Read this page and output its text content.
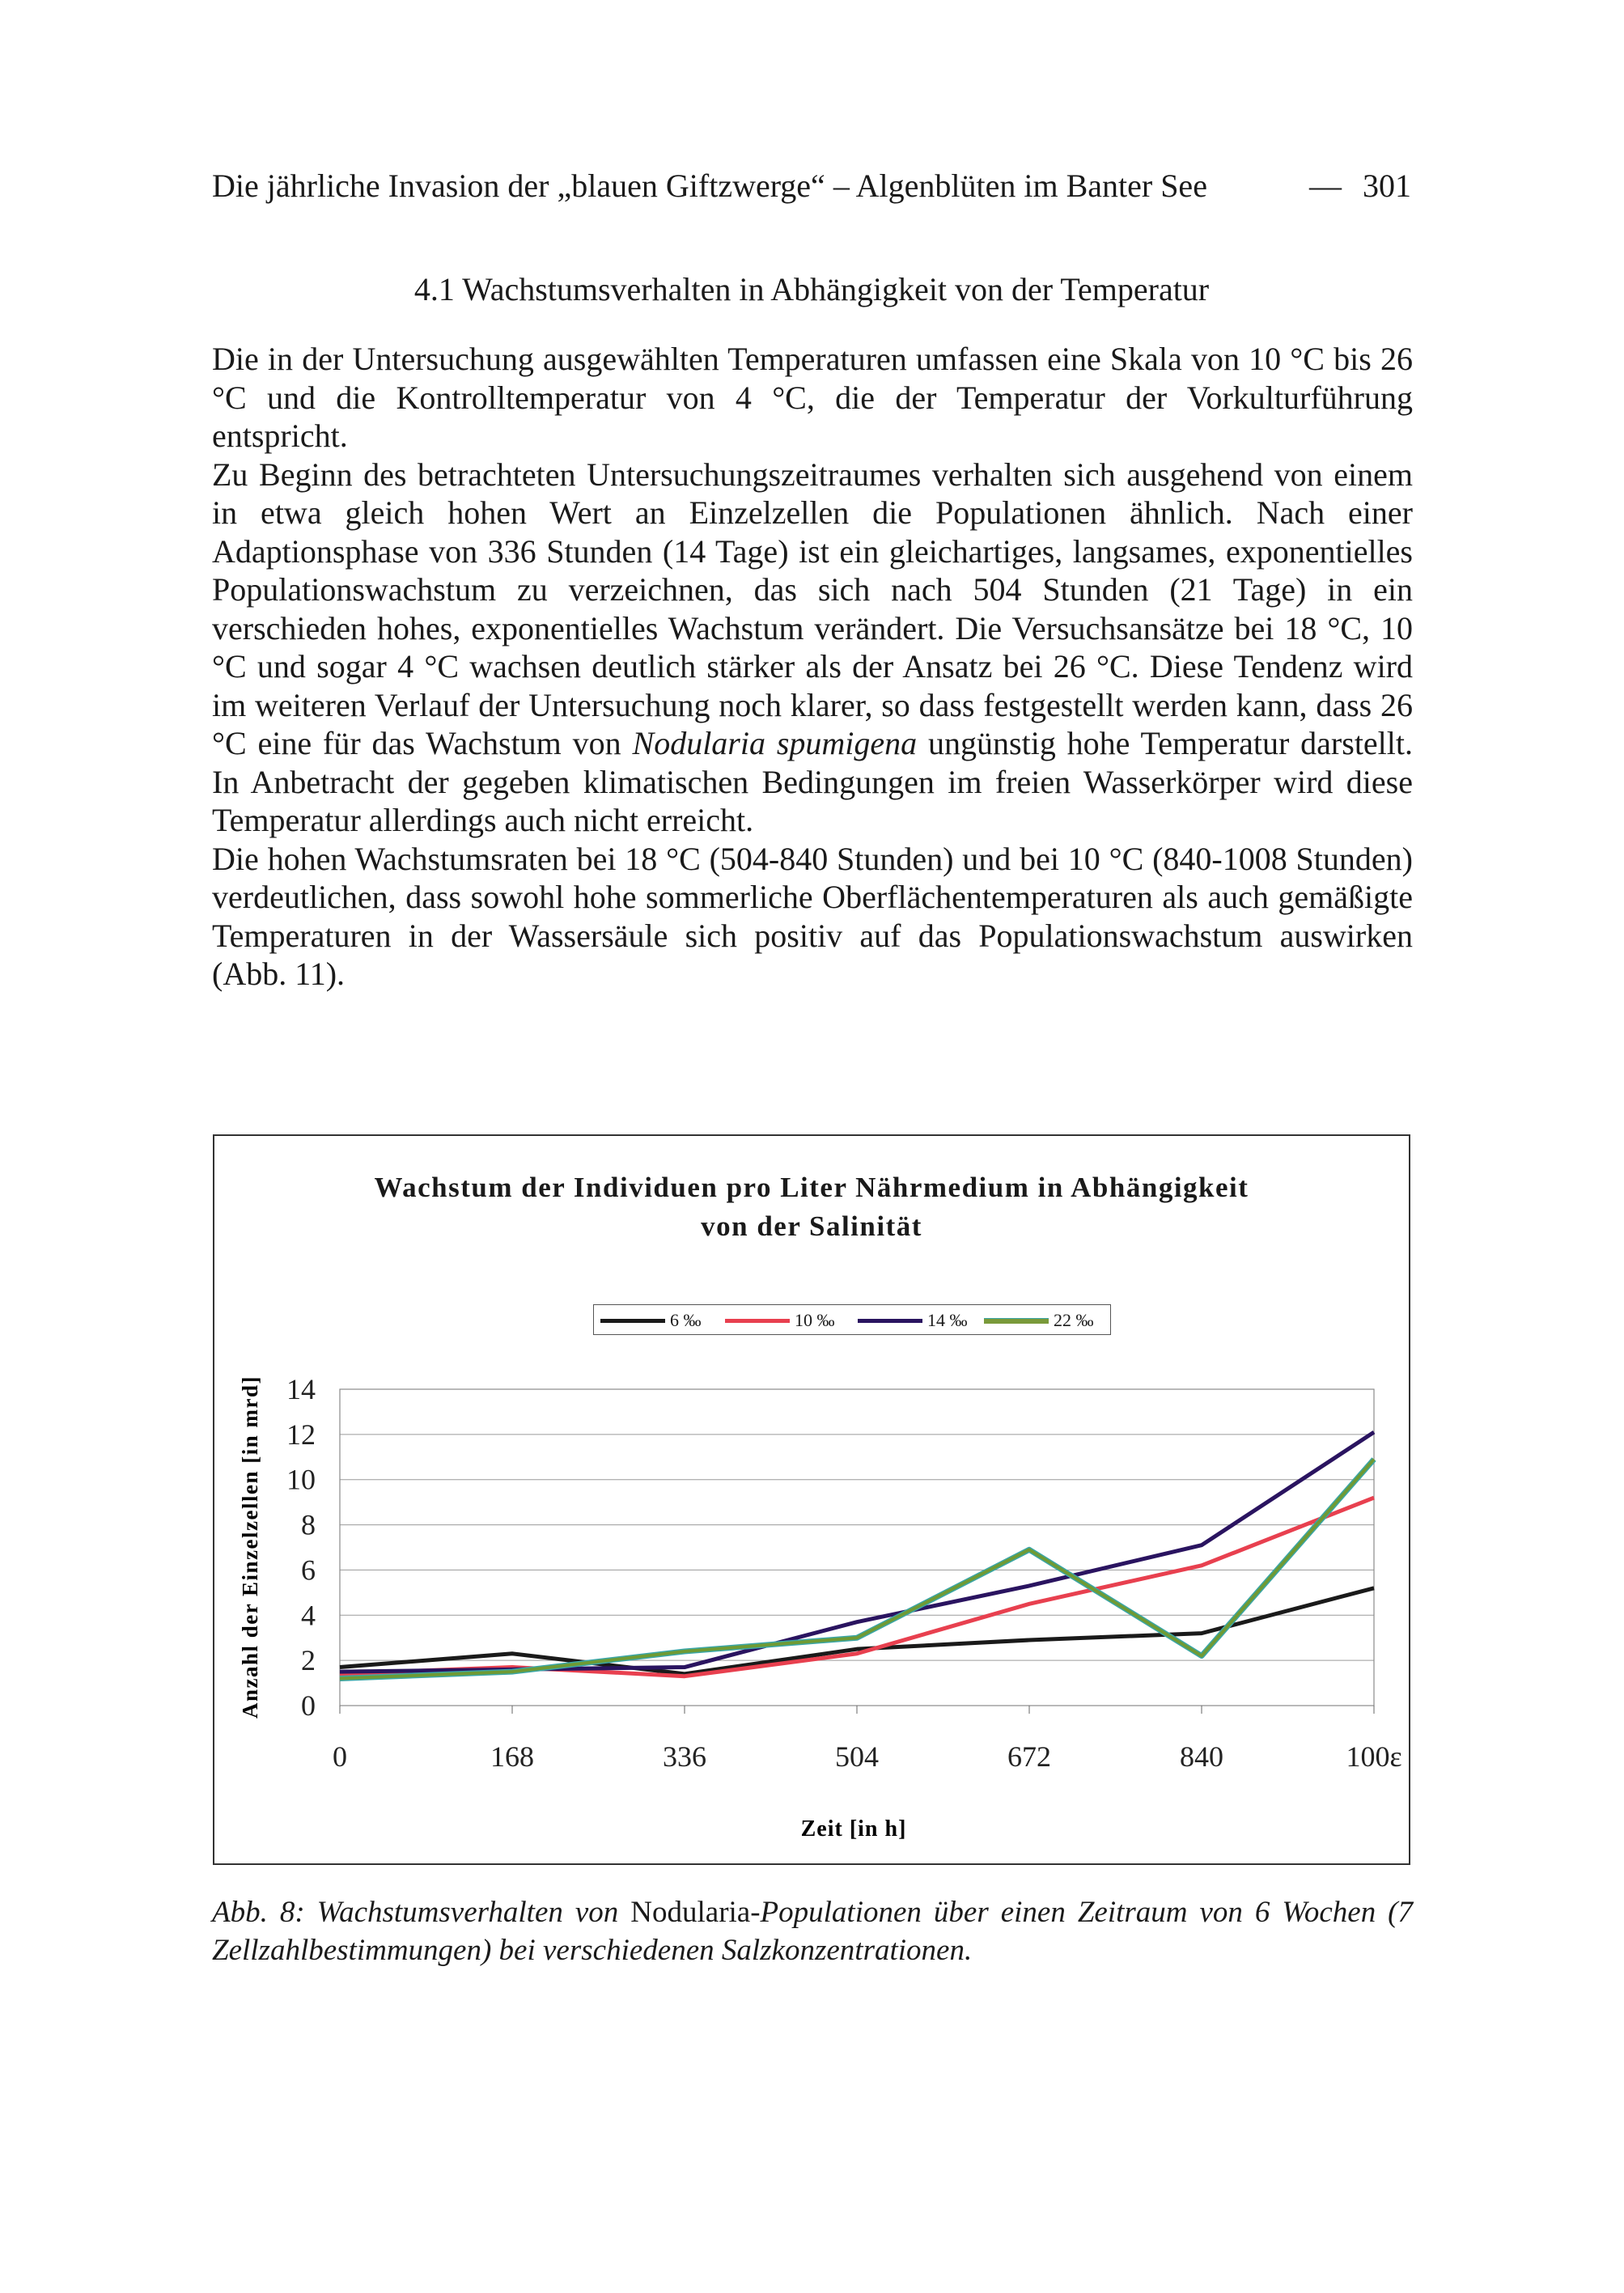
Die jährliche Invasion der „blauen Giftzwerge“ – Algenblüten im Banter See	— 301
4.1 Wachstumsverhalten in Abhängigkeit von der Temperatur

Die in der Untersuchung ausgewählten Temperaturen umfassen eine Skala von 10 °C bis 26 °C und die Kontrolltemperatur von 4 °C, die der Temperatur der Vorkulturführung entspricht.

Zu Beginn des betrachteten Untersuchungszeitraumes verhalten sich ausgehend von einem in etwa gleich hohen Wert an Einzelzellen die Populationen ähnlich. Nach einer Adaptionsphase von 336 Stunden (14 Tage) ist ein gleichartiges, langsames, exponentielles Populationswachstum zu verzeichnen, das sich nach 504 Stunden (21 Tage) in ein verschieden hohes, exponentielles Wachstum verändert. Die Versuchsansätze bei 18 °C, 10 °C und sogar 4 °C wachsen deutlich stärker als der Ansatz bei 26 °C. Diese Tendenz wird im weiteren Verlauf der Untersuchung noch klarer, so dass festgestellt werden kann, dass 26 °C eine für das Wachstum von Nodularia spumigena ungünstig hohe Temperatur darstellt. In Anbetracht der gegeben klimatischen Bedingungen im freien Wasserkörper wird diese Temperatur allerdings auch nicht erreicht.

Die hohen Wachstumsraten bei 18 °C (504-840 Stunden) und bei 10 °C (840-1008 Stunden) verdeutlichen, dass sowohl hohe sommerliche Oberflächentemperaturen als auch gemäßigte Temperaturen in der Wassersäule sich positiv auf das Populationswachstum auswirken (Abb. 11).

Wachstum der Individuen pro Liter Nährmedium in Abhängigkeit
von der Salinität
6 ‰	10 ‰	14 ‰	22 ‰
0
2
4
6
8
10
12
14
0	168	336	504	672	840	100ɛ
Zeit [in h]
Anzahl der Einzelzellen [in mrd]
Abb. 8: Wachstumsverhalten von Nodularia-Populationen über einen Zeitraum von 6 Wochen (7 Zellzahlbestimmungen) bei verschiedenen Salzkonzentrationen.
